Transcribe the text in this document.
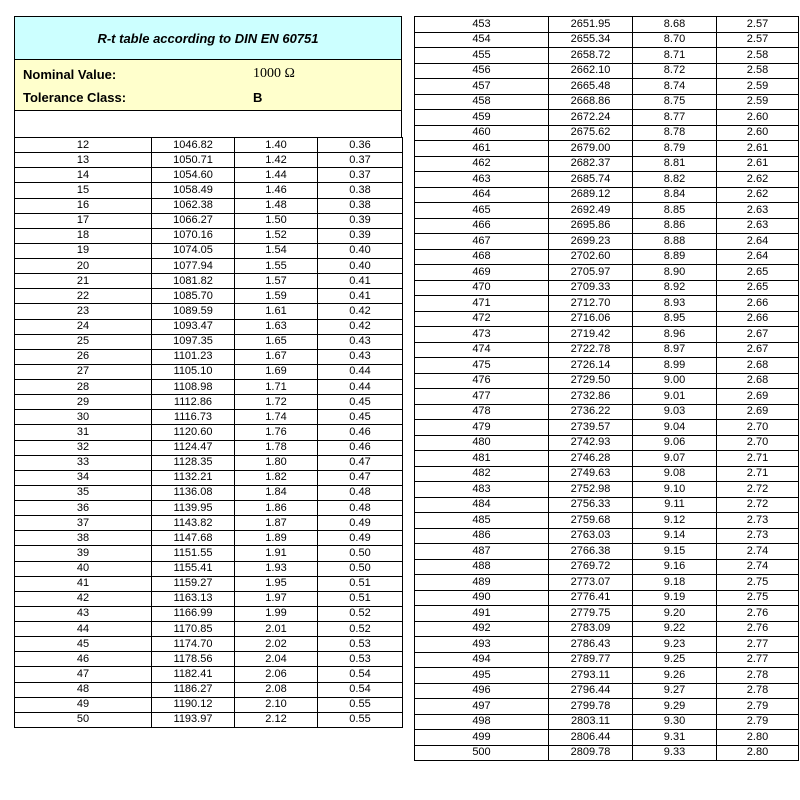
R-t table according to DIN EN 60751
Nominal Value:	1000 Ω
Tolerance Class:	B
12	1046.82	1.40	0.36
13	1050.71	1.42	0.37
14	1054.60	1.44	0.37
15	1058.49	1.46	0.38
16	1062.38	1.48	0.38
17	1066.27	1.50	0.39
18	1070.16	1.52	0.39
19	1074.05	1.54	0.40
20	1077.94	1.55	0.40
21	1081.82	1.57	0.41
22	1085.70	1.59	0.41
23	1089.59	1.61	0.42
24	1093.47	1.63	0.42
25	1097.35	1.65	0.43
26	1101.23	1.67	0.43
27	1105.10	1.69	0.44
28	1108.98	1.71	0.44
29	1112.86	1.72	0.45
30	1116.73	1.74	0.45
31	1120.60	1.76	0.46
32	1124.47	1.78	0.46
33	1128.35	1.80	0.47
34	1132.21	1.82	0.47
35	1136.08	1.84	0.48
36	1139.95	1.86	0.48
37	1143.82	1.87	0.49
38	1147.68	1.89	0.49
39	1151.55	1.91	0.50
40	1155.41	1.93	0.50
41	1159.27	1.95	0.51
42	1163.13	1.97	0.51
43	1166.99	1.99	0.52
44	1170.85	2.01	0.52
45	1174.70	2.02	0.53
46	1178.56	2.04	0.53
47	1182.41	2.06	0.54
48	1186.27	2.08	0.54
49	1190.12	2.10	0.55
50	1193.97	2.12	0.55
453	2651.95	8.68	2.57
454	2655.34	8.70	2.57
455	2658.72	8.71	2.58
456	2662.10	8.72	2.58
457	2665.48	8.74	2.59
458	2668.86	8.75	2.59
459	2672.24	8.77	2.60
460	2675.62	8.78	2.60
461	2679.00	8.79	2.61
462	2682.37	8.81	2.61
463	2685.74	8.82	2.62
464	2689.12	8.84	2.62
465	2692.49	8.85	2.63
466	2695.86	8.86	2.63
467	2699.23	8.88	2.64
468	2702.60	8.89	2.64
469	2705.97	8.90	2.65
470	2709.33	8.92	2.65
471	2712.70	8.93	2.66
472	2716.06	8.95	2.66
473	2719.42	8.96	2.67
474	2722.78	8.97	2.67
475	2726.14	8.99	2.68
476	2729.50	9.00	2.68
477	2732.86	9.01	2.69
478	2736.22	9.03	2.69
479	2739.57	9.04	2.70
480	2742.93	9.06	2.70
481	2746.28	9.07	2.71
482	2749.63	9.08	2.71
483	2752.98	9.10	2.72
484	2756.33	9.11	2.72
485	2759.68	9.12	2.73
486	2763.03	9.14	2.73
487	2766.38	9.15	2.74
488	2769.72	9.16	2.74
489	2773.07	9.18	2.75
490	2776.41	9.19	2.75
491	2779.75	9.20	2.76
492	2783.09	9.22	2.76
493	2786.43	9.23	2.77
494	2789.77	9.25	2.77
495	2793.11	9.26	2.78
496	2796.44	9.27	2.78
497	2799.78	9.29	2.79
498	2803.11	9.30	2.79
499	2806.44	9.31	2.80
500	2809.78	9.33	2.80
